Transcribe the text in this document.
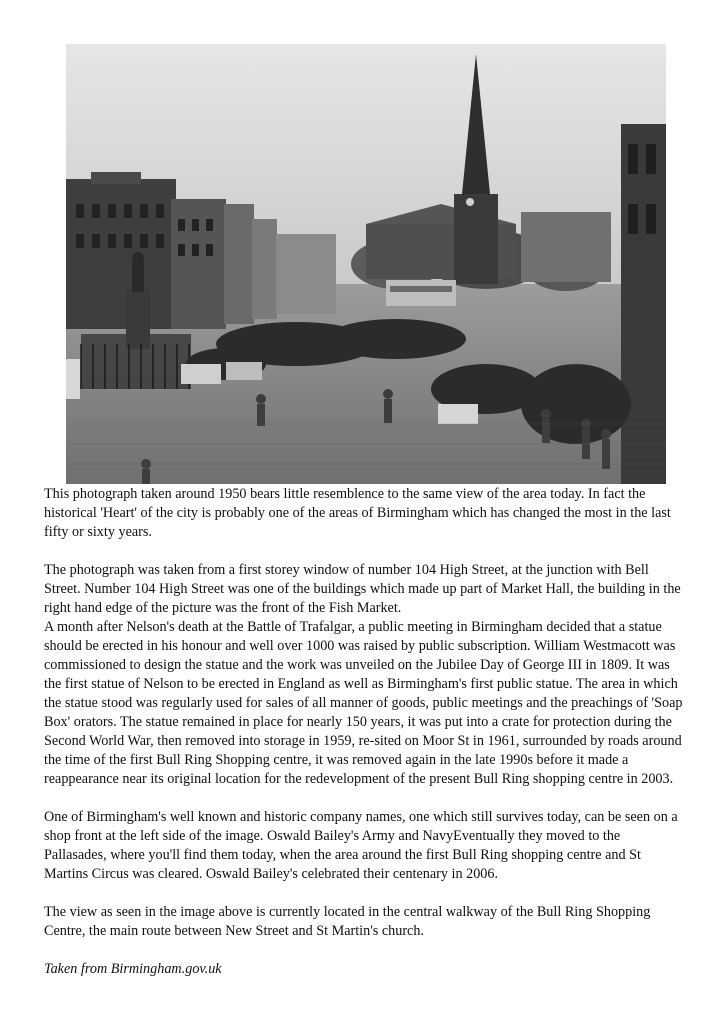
This photograph taken around 1950 bears little resemblence to the same view of the area today. In fact the historical 'Heart' of the city is probably one of the areas of Birmingham which has changed the most in the last fifty or sixty years.

The photograph was taken from a first storey window of number 104 High Street, at the junction with Bell Street. Number 104 High Street was one of the buildings which made up part of Market Hall, the building in the right hand edge of the picture was the front of the Fish Market.

A month after Nelson's death at the Battle of Trafalgar, a public meeting in Birmingham decided that a statue should be erected in his honour and well over 1000 was raised by public subscription. William Westmacott was commissioned to design the statue and the work was unveiled on the Jubilee Day of George III in 1809. It was the first statue of Nelson to be erected in England as well as Birmingham's first public statue. The area in which the statue stood was regularly used for sales of all manner of goods, public meetings and the preachings of 'Soap Box' orators. The statue remained in place for nearly 150 years, it was put into a crate for protection during the Second World War, then removed into storage in 1959, re-sited on Moor St in 1961, surrounded by roads around the time of the first Bull Ring Shopping centre, it was removed again in the late 1990s before it made a reappearance near its original location for the redevelopment of the present Bull Ring shopping centre in 2003.

One of Birmingham's well known and historic company names, one which still survives today, can be seen on a shop front at the left side of the image. Oswald Bailey's Army and NavyEventually they moved to the Pallasades, where you'll find them today, when the area around the first Bull Ring shopping centre and St Martins Circus was cleared. Oswald Bailey's celebrated their centenary in 2006.

The view as seen in the image above is currently located in the central walkway of the Bull Ring Shopping Centre, the main route between New Street and St Martin's church.

Taken from Birmingham.gov.uk
